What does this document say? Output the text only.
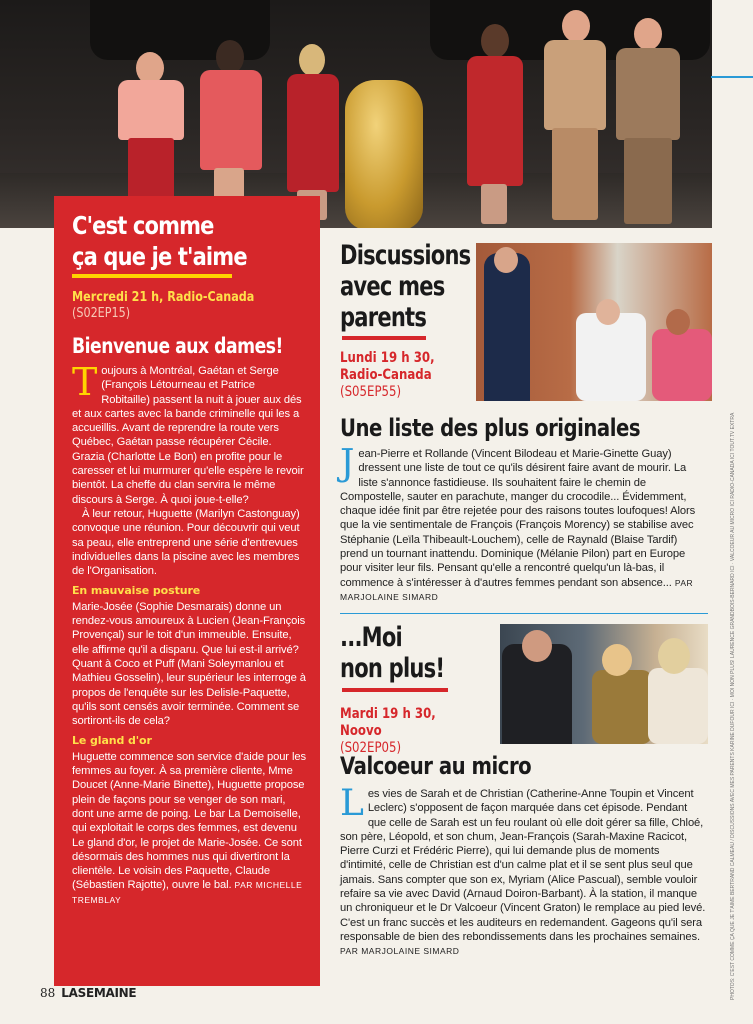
PHOTOS: C'EST COMME ÇA QUE JE T'AIME BERTRAND CALMEAU / DISCUSSIONS AVEC MES PARENTS KARINE DUFOUR ICI · MOI NON PLUS! LAURENCE GRANDBOIS-BERNARD ICI · VALCOEUR AU MICRO ICI RADIO-CANADA ICI TOUT.TV EXTRA
C'est comme
ça que je t'aime
Mercredi 21 h, Radio-Canada (S02EP15)
Bienvenue aux dames!

Toujours à Montréal, Gaétan et Serge (François Létourneau et Patrice Robitaille) passent la nuit à jouer aux dés et aux cartes avec la bande criminelle qui les a accueillis. Avant de reprendre la route vers Québec, Gaétan passe récupérer Cécile. Grazia (Charlotte Le Bon) en profite pour le caresser et lui murmurer qu'elle espère le revoir bientôt. La cheffe du clan servira le même discours à Serge. À quoi joue-t-elle?

À leur retour, Huguette (Marilyn Castonguay) convoque une réunion. Pour découvrir qui veut sa peau, elle entreprend une série d'entrevues individuelles dans la piscine avec les membres de l'Organisation.

En mauvaise posture

Marie-Josée (Sophie Desmarais) donne un rendez-vous amoureux à Lucien (Jean-François Provençal) sur le toit d'un immeuble. Ensuite, elle affirme qu'il a disparu. Que lui est-il arrivé? Quant à Coco et Puff (Mani Soleymanlou et Mathieu Gosselin), leur supérieur les interroge à propos de l'enquête sur les Delisle-Paquette, qu'ils sont censés avoir terminée. Comment se sortiront-ils de cela?

Le gland d'or

Huguette commence son service d'aide pour les femmes au foyer. À sa première cliente, Mme Doucet (Anne-Marie Binette), Huguette propose plein de façons pour se venger de son mari, dont une arme de poing. Le bar La Demoiselle, qui exploitait le corps des femmes, est devenu Le gland d'or, le projet de Marie-Josée. Ce sont désormais des hommes nus qui divertiront la clientèle. Le voisin des Paquette, Claude (Sébastien Rajotte), ouvre le bal. PAR MICHELLE TREMBLAY

Discussions
avec mes
parents
Lundi 19 h 30,
Radio-Canada
(S05EP55)
Une liste des plus originales
Jean-Pierre et Rollande (Vincent Bilodeau et Marie-Ginette Guay) dressent une liste de tout ce qu'ils désirent faire avant de mourir. La liste s'annonce fastidieuse. Ils souhaitent faire le chemin de Compostelle, sauter en parachute, manger du crocodile... Évidemment, chaque idée finit par être rejetée pour des raisons toutes loufoques! Alors que la vie sentimentale de François (François Morency) se stabilise avec Stéphanie (Leïla Thibeault-Louchem), celle de Raynald (Blaise Tardif) prend un tournant inattendu. Dominique (Mélanie Pilon) part en Europe pour visiter leur fils. Pensant qu'elle a rencontré quelqu'un là-bas, il commence à s'intéresser à d'autres femmes pendant son absence... PAR MARJOLAINE SIMARD
...Moi
non plus!
Mardi 19 h 30, Noovo
(S02EP05)
Valcoeur au micro
Les vies de Sarah et de Christian (Catherine-Anne Toupin et Vincent Leclerc) s'opposent de façon marquée dans cet épisode. Pendant que celle de Sarah est un feu roulant où elle doit gérer sa fille, Chloé, son père, Léopold, et son chum, Jean-François (Sarah-Maxine Racicot, Pierre Curzi et Frédéric Pierre), qui lui demande plus de moments d'intimité, celle de Christian est d'un calme plat et il se sent plus seul que jamais. Sans compter que son ex, Myriam (Alice Pascual), semble vouloir refaire sa vie avec David (Arnaud Doiron-Barbant). À la station, il manque un chroniqueur et le Dr Valcoeur (Vincent Graton) le remplace au pied levé. C'est un franc succès et les auditeurs en redemandent. Gageons qu'il sera responsable de bien des rebondissements dans les prochaines semaines. PAR MARJOLAINE SIMARD
88 LASEMAINE
